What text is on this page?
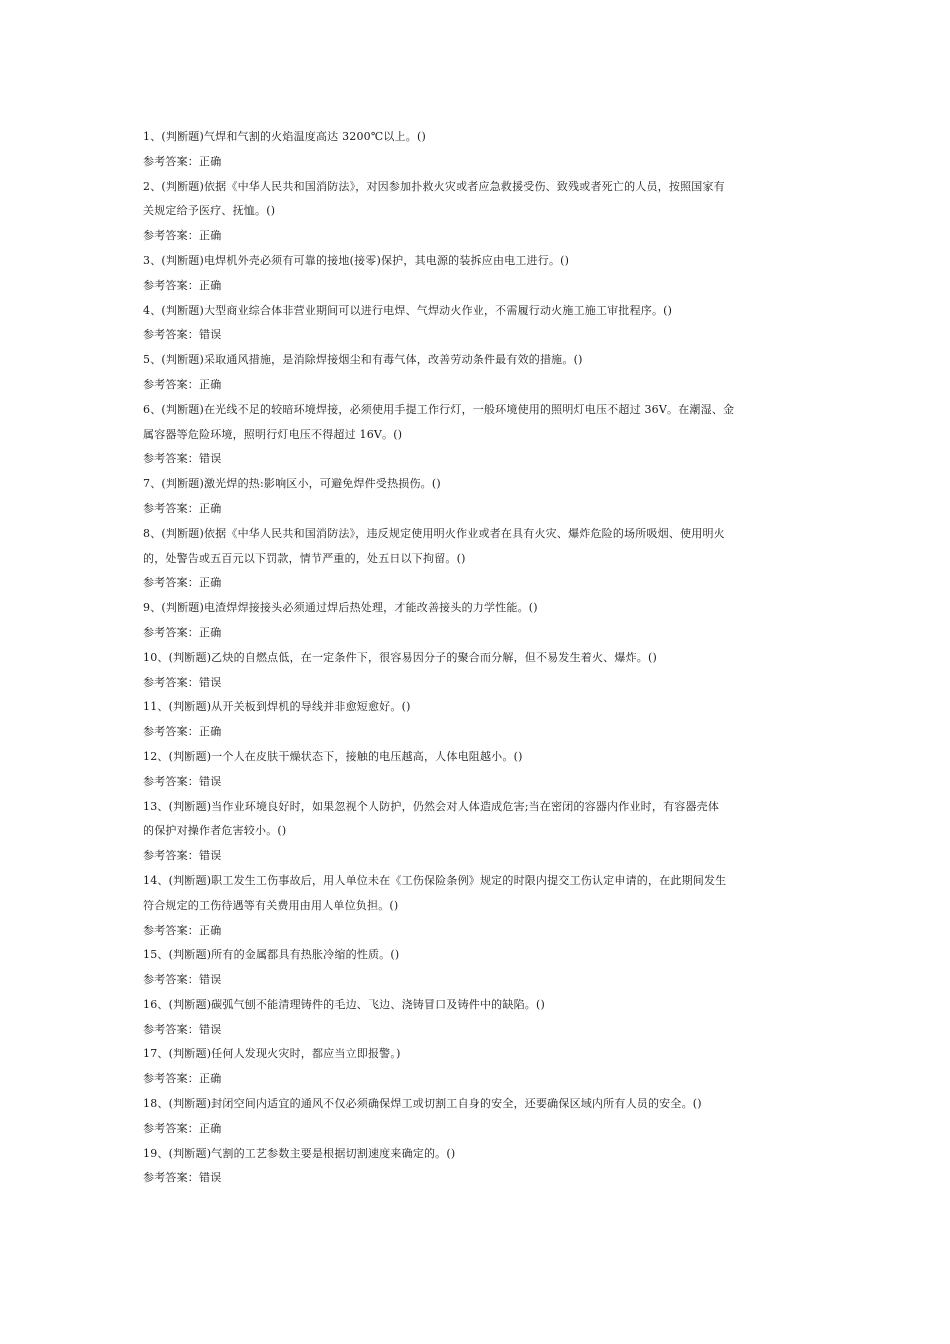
1、(判断题)气焊和气割的火焰温度高达 3200℃以上。()
参考答案：正确
2、(判断题)依据《中华人民共和国消防法》，对因参加扑救火灾或者应急救援受伤、致残或者死亡的人员，按照国家有
关规定给予医疗、抚恤。()
参考答案：正确
3、(判断题)电焊机外壳必须有可靠的接地(接零)保护，其电源的装拆应由电工进行。()
参考答案：正确
4、(判断题)大型商业综合体非营业期间可以进行电焊、气焊动火作业，不需履行动火施工施工审批程序。()
参考答案：错误
5、(判断题)采取通风措施，是消除焊接烟尘和有毒气体，改善劳动条件最有效的措施。()
参考答案：正确
6、(判断题)在光线不足的较暗环境焊接，必须使用手提工作行灯，一般环境使用的照明灯电压不超过 36V。在潮湿、金
属容器等危险环境，照明行灯电压不得超过 16V。()
参考答案：错误
7、(判断题)激光焊的热:影响区小，可避免焊件受热损伤。()
参考答案：正确
8、(判断题)依据《中华人民共和国消防法》，违反规定使用明火作业或者在具有火灾、爆炸危险的场所吸烟、使用明火
的，处警告或五百元以下罚款，情节严重的，处五日以下拘留。()
参考答案：正确
9、(判断题)电渣焊焊接接头必须通过焊后热处理，才能改善接头的力学性能。()
参考答案：正确
10、(判断题)乙炔的自燃点低，在一定条件下，很容易因分子的聚合而分解，但不易发生着火、爆炸。()
参考答案：错误
11、(判断题)从开关板到焊机的导线并非愈短愈好。()
参考答案：正确
12、(判断题)一个人在皮肤干燥状态下，接触的电压越高，人体电阻越小。()
参考答案：错误
13、(判断题)当作业环境良好时，如果忽视个人防护，仍然会对人体造成危害;当在密闭的容器内作业时，有容器壳体
的保护对操作者危害较小。()
参考答案：错误
14、(判断题)职工发生工伤事故后，用人单位未在《工伤保险条例》规定的时限内提交工伤认定申请的，在此期间发生
符合规定的工伤待遇等有关费用由用人单位负担。()
参考答案：正确
15、(判断题)所有的金属都具有热胀冷缩的性质。()
参考答案：错误
16、(判断题)碳弧气刨不能清理铸件的毛边、飞边、浇铸冒口及铸件中的缺陷。()
参考答案：错误
17、(判断题)任何人发现火灾时，都应当立即报警。)
参考答案：正确
18、(判断题)封闭空间内适宜的通风不仅必须确保焊工或切割工自身的安全，还要确保区域内所有人员的安全。()
参考答案：正确
19、(判断题)气割的工艺参数主要是根据切割速度来确定的。()
参考答案：错误
